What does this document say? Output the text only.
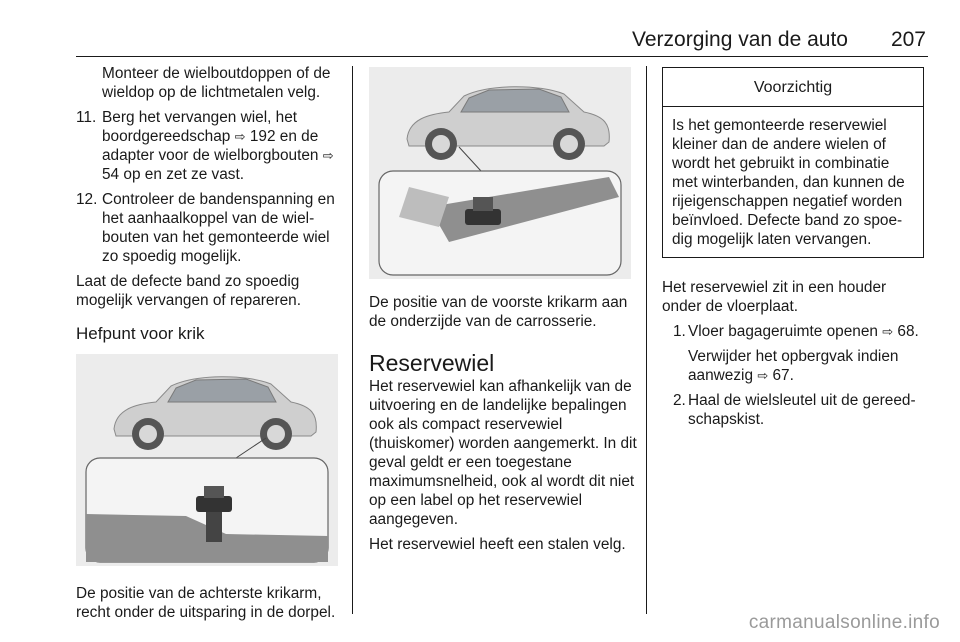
Verzorging van de auto 207

Monteer de wielboutdoppen of de wieldop op de lichtmetalen velg.

11. Berg het vervangen wiel, het boordgereedschap ⇨ 192 en de adapter voor de wielborgbouten ⇨ 54 op en zet ze vast.
12. Controleer de bandenspanning en het aanhaalkoppel van de wielbouten van het gemonteerde wiel zo spoedig mogelijk.

Laat de defecte band zo spoedig mogelijk vervangen of repareren.

Hefpunt voor krik

De positie van de achterste krikarm, recht onder de uitsparing in de dorpel.

De positie van de voorste krikarm aan de onderzijde van de carrosserie.

Reservewiel

Het reservewiel kan afhankelijk van de uitvoering en de landelijke bepalingen ook als compact reservewiel (thuiskomer) worden aangemerkt. In dit geval geldt er een toegestane maximumsnelheid, ook al wordt dit niet op een label op het reservewiel aangegeven.

Het reservewiel heeft een stalen velg.

Voorzichtig
Is het gemonteerde reservewiel kleiner dan de andere wielen of wordt het gebruikt in combinatie met winterbanden, dan kunnen de rijeigenschappen negatief worden beïnvloed. Defecte band zo spoedig mogelijk laten vervangen.

Het reservewiel zit in een houder onder de vloerplaat.

1. Vloer bagageruimte openen ⇨ 68.
Verwijder het opbergvak indien aanwezig ⇨ 67.
2. Haal de wielsleutel uit de gereedschapskist.
carmanualsonline.info
